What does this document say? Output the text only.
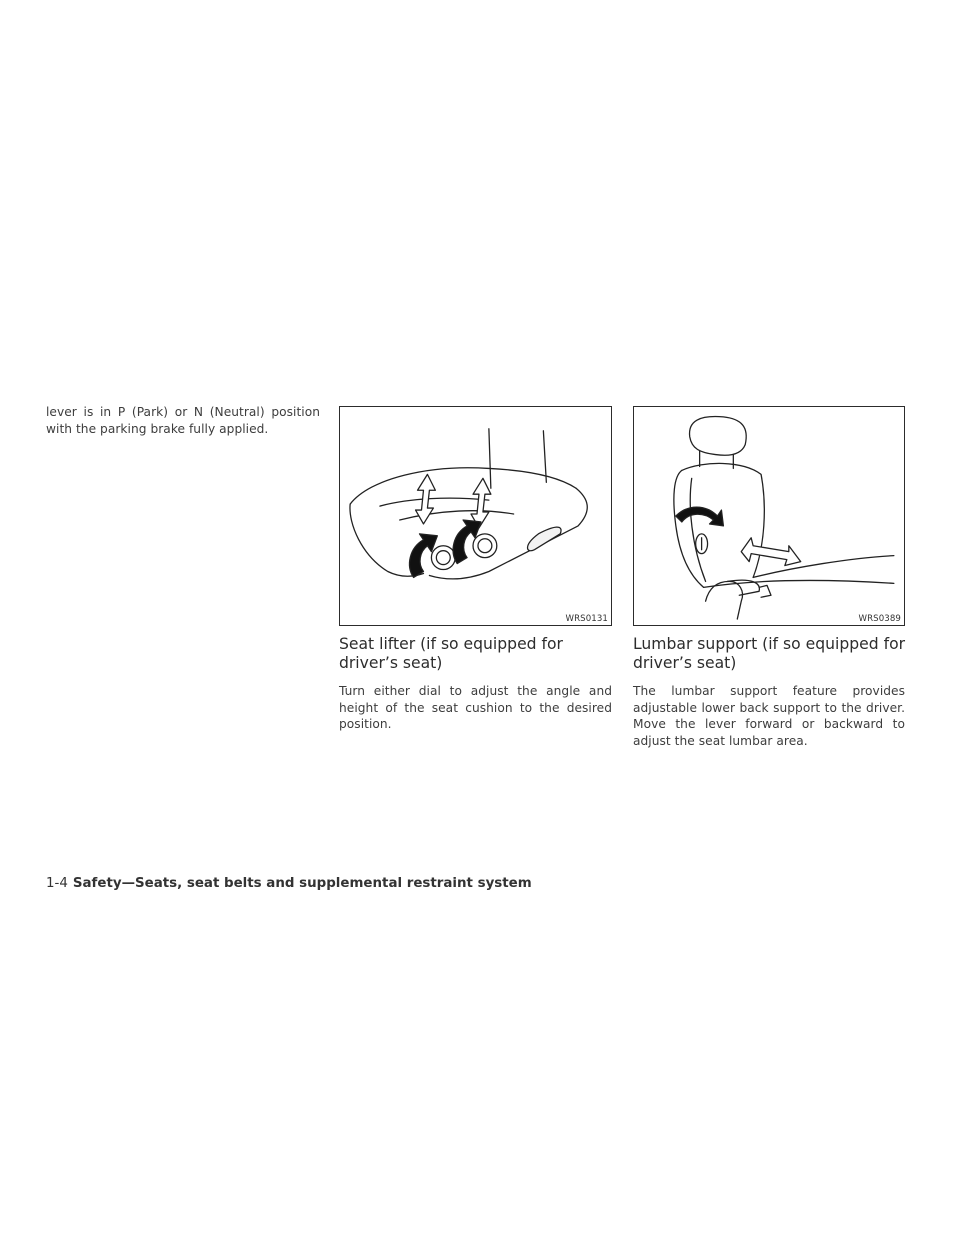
lever is in P (Park) or N (Neutral) position with the parking brake fully applied.

WRS0131
Seat lifter (if so equipped for driver’s seat)

Turn either dial to adjust the angle and height of the seat cushion to the desired position.

WRS0389
Lumbar support (if so equipped for driver’s seat)

The lumbar support feature provides adjustable lower back support to the driver. Move the lever forward or backward to adjust the seat lumbar area.

1-4 Safety—Seats, seat belts and supplemental restraint system
